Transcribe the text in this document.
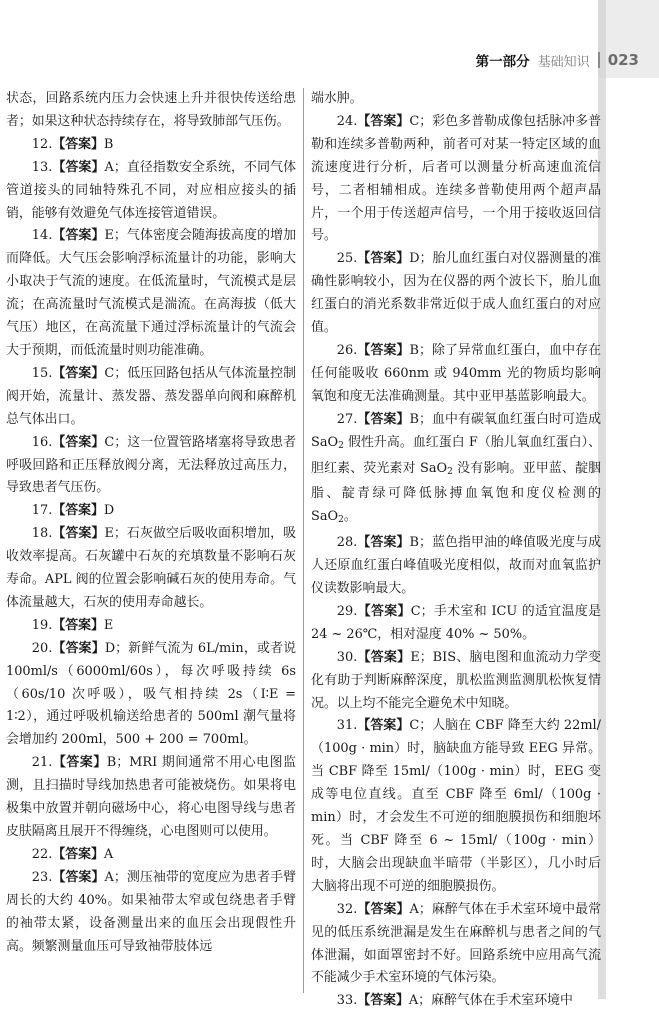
第一部分 基础知识 023

状态，回路系统内压力会快速上升并很快传送给患者；如果这种状态持续存在，将导致肺部气压伤。

12.【答案】B

13.【答案】A；直径指数安全系统，不同气体管道接头的同轴特殊孔不同，对应相应接头的插销，能够有效避免气体连接管道错误。

14.【答案】E；气体密度会随海拔高度的增加而降低。大气压会影响浮标流量计的功能，影响大小取决于气流的速度。在低流量时，气流模式是层流；在高流量时气流模式是湍流。在高海拔（低大气压）地区，在高流量下通过浮标流量计的气流会大于预期，而低流量时则功能准确。

15.【答案】C；低压回路包括从气体流量控制阀开始，流量计、蒸发器、蒸发器单向阀和麻醉机总气体出口。

16.【答案】C；这一位置管路堵塞将导致患者呼吸回路和正压释放阀分离，无法释放过高压力，导致患者气压伤。

17.【答案】D

18.【答案】E；石灰做空后吸收面积增加，吸收效率提高。石灰罐中石灰的充填数量不影响石灰寿命。APL 阀的位置会影响碱石灰的使用寿命。气体流量越大，石灰的使用寿命越长。

19.【答案】E

20.【答案】D；新鲜气流为 6L/min，或者说 100ml/s（6000ml/60s），每次呼吸持续 6s（60s/10 次呼吸），吸气相持续 2s（I∶E = 1∶2），通过呼吸机输送给患者的 500ml 潮气量将会增加约 200ml，500 + 200 = 700ml。

21.【答案】B；MRI 期间通常不用心电图监测，且扫描时导线加热患者可能被烧伤。如果将电极集中放置并朝向磁场中心，将心电图导线与患者皮肤隔离且展开不得缠绕，心电图则可以使用。

22.【答案】A

23.【答案】A；测压袖带的宽度应为患者手臂周长的大约 40%。如果袖带太窄或包绕患者手臂的袖带太紧，设备测量出来的血压会出现假性升高。频繁测量血压可导致袖带肢体远

端水肿。

24.【答案】C；彩色多普勒成像包括脉冲多普勒和连续多普勒两种，前者可对某一特定区域的血流速度进行分析，后者可以测量分析高速血流信号，二者相辅相成。连续多普勒使用两个超声晶片，一个用于传送超声信号，一个用于接收返回信号。

25.【答案】D；胎儿血红蛋白对仪器测量的准确性影响较小，因为在仪器的两个波长下，胎儿血红蛋白的消光系数非常近似于成人血红蛋白的对应值。

26.【答案】B；除了异常血红蛋白，血中存在任何能吸收 660nm 或 940mm 光的物质均影响氧饱和度无法准确测量。其中亚甲基蓝影响最大。

27.【答案】B；血中有碳氧血红蛋白时可造成 SaO$_2$ 假性升高。血红蛋白 F（胎儿氧血红蛋白）、胆红素、荧光素对 SaO$_2$ 没有影响。亚甲蓝、靛胭脂、靛青绿可降低脉搏血氧饱和度仪检测的 SaO$_2$。

28.【答案】B；蓝色指甲油的峰值吸光度与成人还原血红蛋白峰值吸光度相似，故而对血氧监护仪读数影响最大。

29.【答案】C；手术室和 ICU 的适宜温度是 24 ~ 26℃，相对湿度 40% ~ 50%。

30.【答案】E；BIS、脑电图和血流动力学变化有助于判断麻醉深度，肌松监测监测肌松恢复情况。以上均不能完全避免术中知晓。

31.【答案】C；人脑在 CBF 降至大约 22ml/（100g · min）时，脑缺血方能导致 EEG 异常。当 CBF 降至 15ml/（100g · min）时，EEG 变成等电位直线。直至 CBF 降至 6ml/（100g · min）时，才会发生不可逆的细胞膜损伤和细胞坏死。当 CBF 降至 6 ~ 15ml/（100g · min）时，大脑会出现缺血半暗带（半影区），几小时后大脑将出现不可逆的细胞膜损伤。

32.【答案】A；麻醉气体在手术室环境中最常见的低压系统泄漏是发生在麻醉机与患者之间的气体泄漏，如面罩密封不好。回路系统中应用高气流不能减少手术室环境的气体污染。

33.【答案】A；麻醉气体在手术室环境中
